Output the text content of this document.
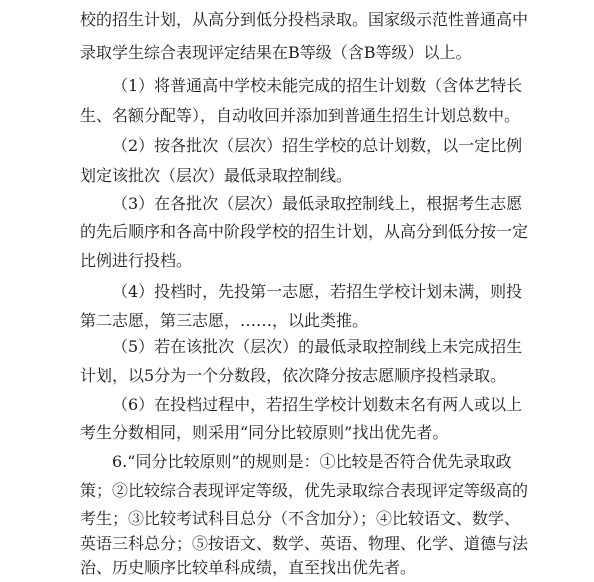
校的招生计划，从高分到低分投档录取。国家级示范性普通高中
录取学生综合表现评定结果在B等级（含B等级）以上。
（1）将普通高中学校未能完成的招生计划数（含体艺特长
生、名额分配等），自动收回并添加到普通生招生计划总数中。
（2）按各批次（层次）招生学校的总计划数，以一定比例
划定该批次（层次）最低录取控制线。
（3）在各批次（层次）最低录取控制线上，根据考生志愿
的先后顺序和各高中阶段学校的招生计划，从高分到低分按一定
比例进行投档。
（4）投档时，先投第一志愿，若招生学校计划未满，则投
第二志愿，第三志愿，……，以此类推。
（5）若在该批次（层次）的最低录取控制线上未完成招生
计划，以5分为一个分数段，依次降分按志愿顺序投档录取。
（6）在投档过程中，若招生学校计划数末名有两人或以上
考生分数相同，则采用“同分比较原则”找出优先者。
6.“同分比较原则”的规则是：①比较是否符合优先录取政
策；②比较综合表现评定等级，优先录取综合表现评定等级高的
考生；③比较考试科目总分（不含加分）；④比较语文、数学、
英语三科总分；⑤按语文、数学、英语、物理、化学、道德与法
治、历史顺序比较单科成绩，直至找出优先者。
